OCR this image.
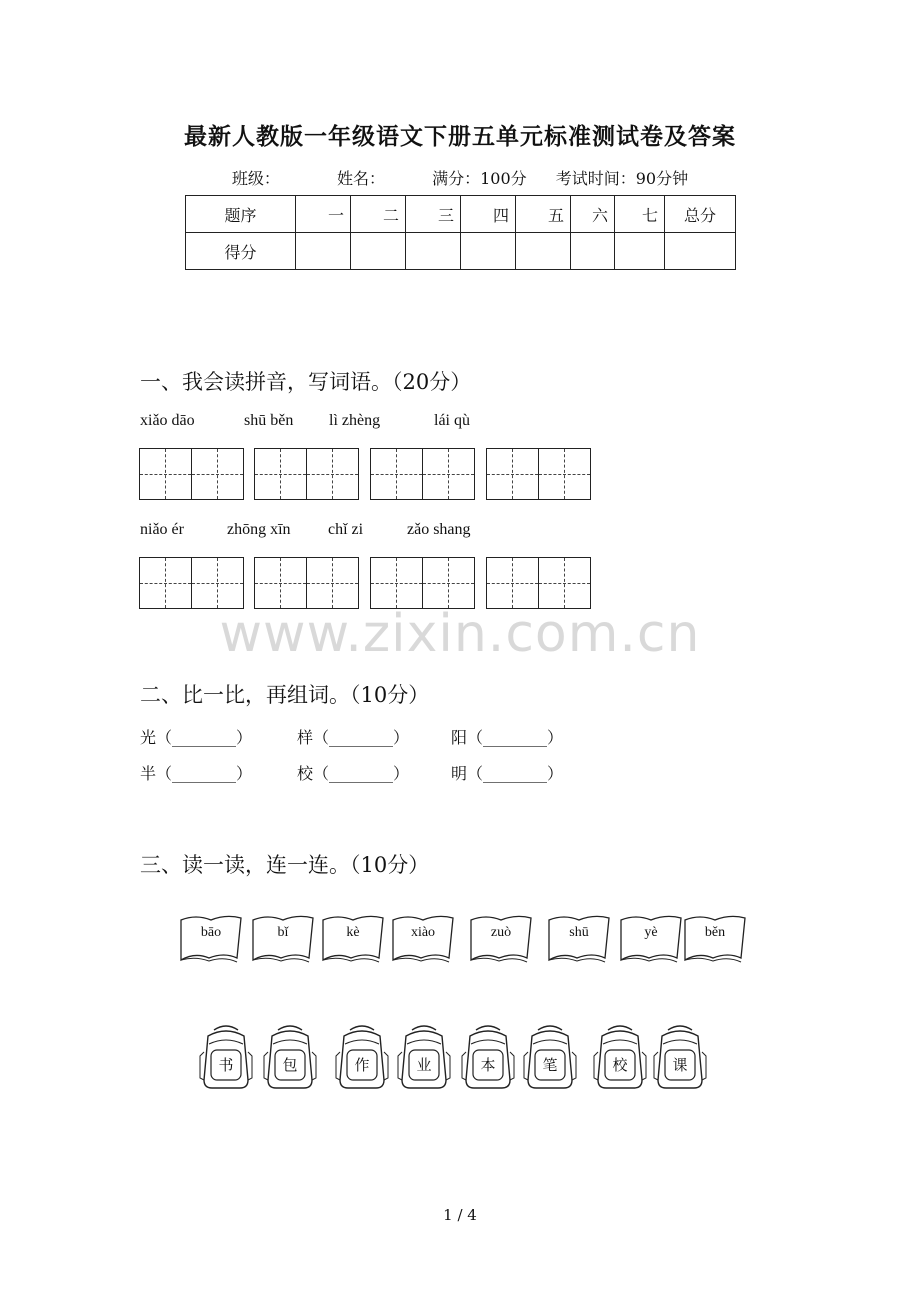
最新人教版一年级语文下册五单元标准测试卷及答案
班级：	姓名：	满分：100分 考试时间：90分钟
题序	一	二	三	四	五	六	七	总分
得分								
一、我会读拼音，写词语。（20分）
xiǎo dāo	shū běn lì zhèng	lái qù
niǎo ér	zhōng xīn chǐ zi	zǎo shang
www.zixin.com.cn
二、比一比，再组词。（10分）
光（________）	样（________）	阳（________）
半（________）	校（________）	明（________）
三、读一读，连一连。（10分）
bāo	bǐ	kè	xiào	zuò	shū	yè	běn
书	包	作	业	本	笔	校	课
1 / 4
